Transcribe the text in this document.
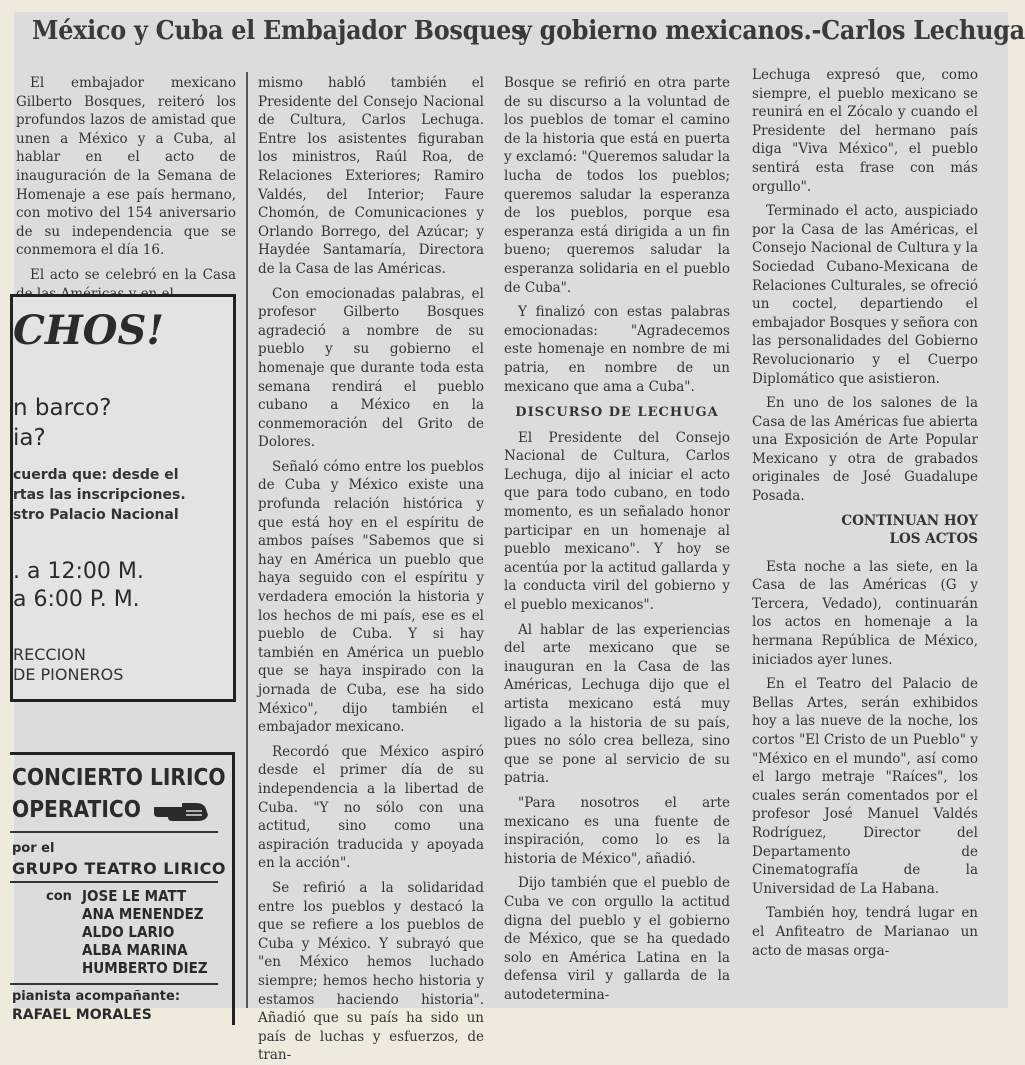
México y Cuba el Embajador Bosques
y gobierno mexicanos.-Carlos Lechuga

El embajador mexicano Gilberto Bosques, reiteró los profundos lazos de amistad que unen a México y a Cuba, al hablar en el acto de inauguración de la Semana de Homenaje a ese país hermano, con motivo del 154 aniversario de su independencia que se conmemora el día 16.

El acto se celebró en la Casa

CHOS!
n barco?
ia?
cuerda que: desde el
rtas las inscripciones.
stro Palacio Nacional
. a 12:00 M.
a 6:00 P. M.
RECCION
DE PIONEROS
CONCIERTO LIRICO
OPERATICO
por el
GRUPO TEATRO LIRICO
con JOSE LE MATT
ANA MENENDEZ
ALDO LARIO
ALBA MARINA
HUMBERTO DIEZ
pianista acompañante:
RAFAEL MORALES

mismo habló también el Presidente del Consejo Nacional de Cultura, Carlos Lechuga. Entre los asistentes figuraban los ministros, Raúl Roa, de Relaciones Exteriores; Ramiro Valdés, del Interior; Faure Chomón, de Comunicaciones y Orlando Borrego, del Azúcar; y Haydée Santamaría, Directora de la Casa de las Américas.

Con emocionadas palabras, el profesor Gilberto Bosques agradeció a nombre de su pueblo y su gobierno el homenaje que durante toda esta semana rendirá el pueblo cubano a México en la conmemoración del Grito de Dolores.

Señaló cómo entre los pueblos de Cuba y México existe una profunda relación histórica y que está hoy en el espíritu de ambos países "Sabemos que si hay en América un pueblo que haya seguido con el espíritu y verdadera emoción la historia y los hechos de mi país, ese es el pueblo de Cuba. Y si hay también en América un pueblo que se haya inspirado con la jornada de Cuba, ese ha sido México", dijo también el embajador mexicano.

Recordó que México aspiró desde el primer día de su independencia a la libertad de Cuba. "Y no sólo con una actitud, sino como una aspiración traducida y apoyada en la acción".

Se refirió a la solidaridad entre los pueblos y destacó la que se refiere a los pueblos de Cuba y México. Y subrayó que "en México hemos luchado siempre; hemos hecho historia y estamos haciendo historia". Añadió que su país ha sido un país de luchas y esfuerzos, de tran-

Bosque se refirió en otra parte de su discurso a la voluntad de los pueblos de tomar el camino de la historia que está en puerta y exclamó: "Queremos saludar la lucha de todos los pueblos; queremos saludar la esperanza de los pueblos, porque esa esperanza está dirigida a un fin bueno; queremos saludar la esperanza solidaria en el pueblo de Cuba".

Y finalizó con estas palabras emocionadas: "Agradecemos este homenaje en nombre de mi patria, en nombre de un mexicano que ama a Cuba".

DISCURSO DE LECHUGA

El Presidente del Consejo Nacional de Cultura, Carlos Lechuga, dijo al iniciar el acto que para todo cubano, en todo momento, es un señalado honor participar en un homenaje al pueblo mexicano". Y hoy se acentúa por la actitud gallarda y la conducta viril del gobierno y el pueblo mexicanos".

Al hablar de las experiencias del arte mexicano que se inauguran en la Casa de las Américas, Lechuga dijo que el artista mexicano está muy ligado a la historia de su país, pues no sólo crea belleza, sino que se pone al servicio de su patria.

"Para nosotros el arte mexicano es una fuente de inspiración, como lo es la historia de México", añadió.

Dijo también que el pueblo de Cuba ve con orgullo la actitud digna del pueblo y el gobierno de México, que se ha quedado solo en América Latina en la defensa viril y gallarda de la autodetermina-

Lechuga expresó que, como siempre, el pueblo mexicano se reunirá en el Zócalo y cuando el Presidente del hermano país diga "Viva México", el pueblo sentirá esta frase con más orgullo".

Terminado el acto, auspiciado por la Casa de las Américas, el Consejo Nacional de Cultura y la Sociedad Cubano-Mexicana de Relaciones Culturales, se ofreció un coctel, departiendo el embajador Bosques y señora con las personalidades del Gobierno Revolucionario y el Cuerpo Diplomático que asistieron.

En uno de los salones de la Casa de las Américas fue abierta una Exposición de Arte Popular Mexicano y otra de grabados originales de José Guadalupe Posada.

CONTINUAN HOY
LOS ACTOS

Esta noche a las siete, en la Casa de las Américas (G y Tercera, Vedado), continuarán los actos en homenaje a la hermana República de México, iniciados ayer lunes.

En el Teatro del Palacio de Bellas Artes, serán exhibidos hoy a las nueve de la noche, los cortos "El Cristo de un Pueblo" y "México en el mundo", así como el largo metraje "Raíces", los cuales serán comentados por el profesor José Manuel Valdés Rodríguez, Director del Departamento de Cinematografía de la Universidad de La Habana.

También hoy, tendrá lugar en el Anfiteatro de Marianao un acto de masas orga-
